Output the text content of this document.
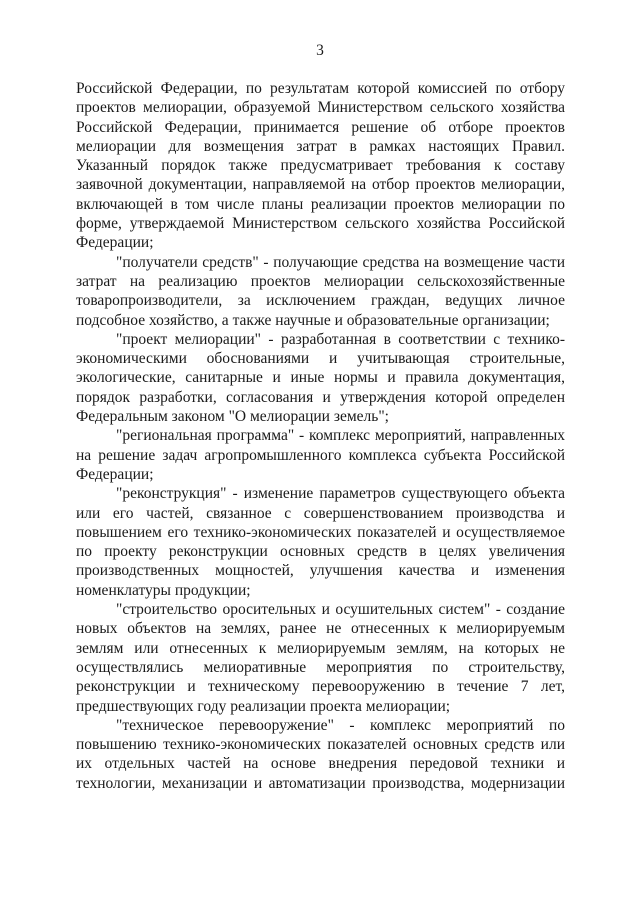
3

Российской Федерации, по результатам которой комиссией по отбору проектов мелиорации, образуемой Министерством сельского хозяйства Российской Федерации, принимается решение об отборе проектов мелиорации для возмещения затрат в рамках настоящих Правил. Указанный порядок также предусматривает требования к составу заявочной документации, направляемой на отбор проектов мелиорации, включающей в том числе планы реализации проектов мелиорации по форме, утверждаемой Министерством сельского хозяйства Российской Федерации;

"получатели средств" - получающие средства на возмещение части затрат на реализацию проектов мелиорации сельскохозяйственные товаропроизводители, за исключением граждан, ведущих личное подсобное хозяйство, а также научные и образовательные организации;

"проект мелиорации" - разработанная в соответствии с технико-экономическими обоснованиями и учитывающая строительные, экологические, санитарные и иные нормы и правила документация, порядок разработки, согласования и утверждения которой определен Федеральным законом "О мелиорации земель";

"региональная программа" - комплекс мероприятий, направленных на решение задач агропромышленного комплекса субъекта Российской Федерации;

"реконструкция" - изменение параметров существующего объекта или его частей, связанное с совершенствованием производства и повышением его технико-экономических показателей и осуществляемое по проекту реконструкции основных средств в целях увеличения производственных мощностей, улучшения качества и изменения номенклатуры продукции;

"строительство оросительных и осушительных систем" - создание новых объектов на землях, ранее не отнесенных к мелиорируемым землям или отнесенных к мелиорируемым землям, на которых не осуществлялись мелиоративные мероприятия по строительству, реконструкции и техническому перевооружению в течение 7 лет, предшествующих году реализации проекта мелиорации;

"техническое перевооружение" - комплекс мероприятий по повышению технико-экономических показателей основных средств или их отдельных частей на основе внедрения передовой техники и технологии, механизации и автоматизации производства, модернизации
